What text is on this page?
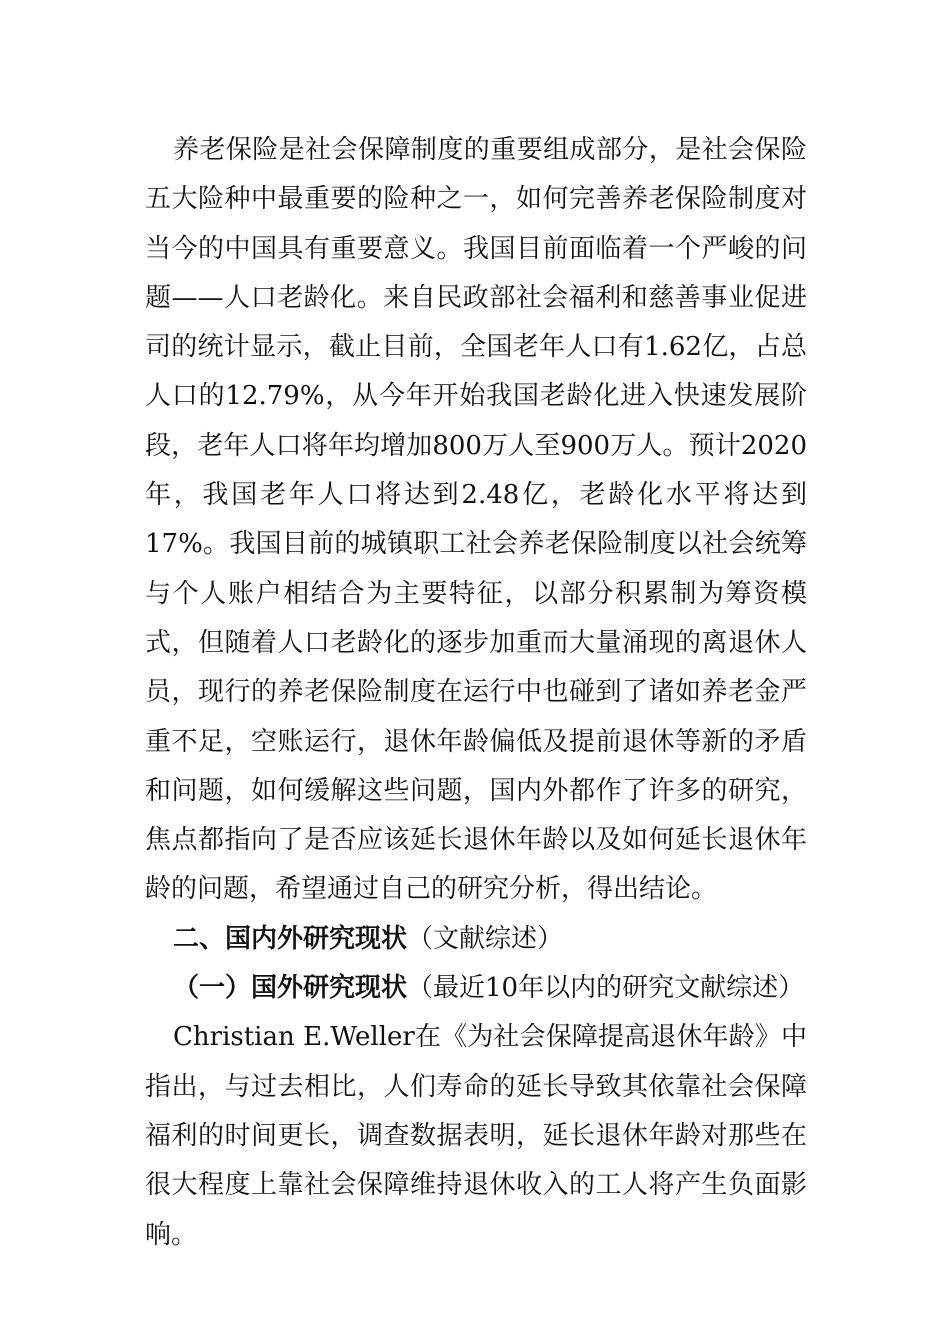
养老保险是社会保障制度的重要组成部分，是社会保险五大险种中最重要的险种之一，如何完善养老保险制度对当今的中国具有重要意义。我国目前面临着一个严峻的问题——人口老龄化。来自民政部社会福利和慈善事业促进司的统计显示，截止目前，全国老年人口有1.62亿，占总人口的12.79%，从今年开始我国老龄化进入快速发展阶段，老年人口将年均增加800万人至900万人。预计2020年，我国老年人口将达到2.48亿，老龄化水平将达到17%。我国目前的城镇职工社会养老保险制度以社会统筹与个人账户相结合为主要特征，以部分积累制为筹资模式，但随着人口老龄化的逐步加重而大量涌现的离退休人员，现行的养老保险制度在运行中也碰到了诸如养老金严重不足，空账运行，退休年龄偏低及提前退休等新的矛盾和问题，如何缓解这些问题，国内外都作了许多的研究，焦点都指向了是否应该延长退休年龄以及如何延长退休年龄的问题，希望通过自己的研究分析，得出结论。

二、国内外研究现状（文献综述）

（一）国外研究现状（最近10年以内的研究文献综述）

Christian E.Weller在《为社会保障提高退休年龄》中指出，与过去相比，人们寿命的延长导致其依靠社会保障福利的时间更长，调查数据表明，延长退休年龄对那些在很大程度上靠社会保障维持退休收入的工人将产生负面影响。
